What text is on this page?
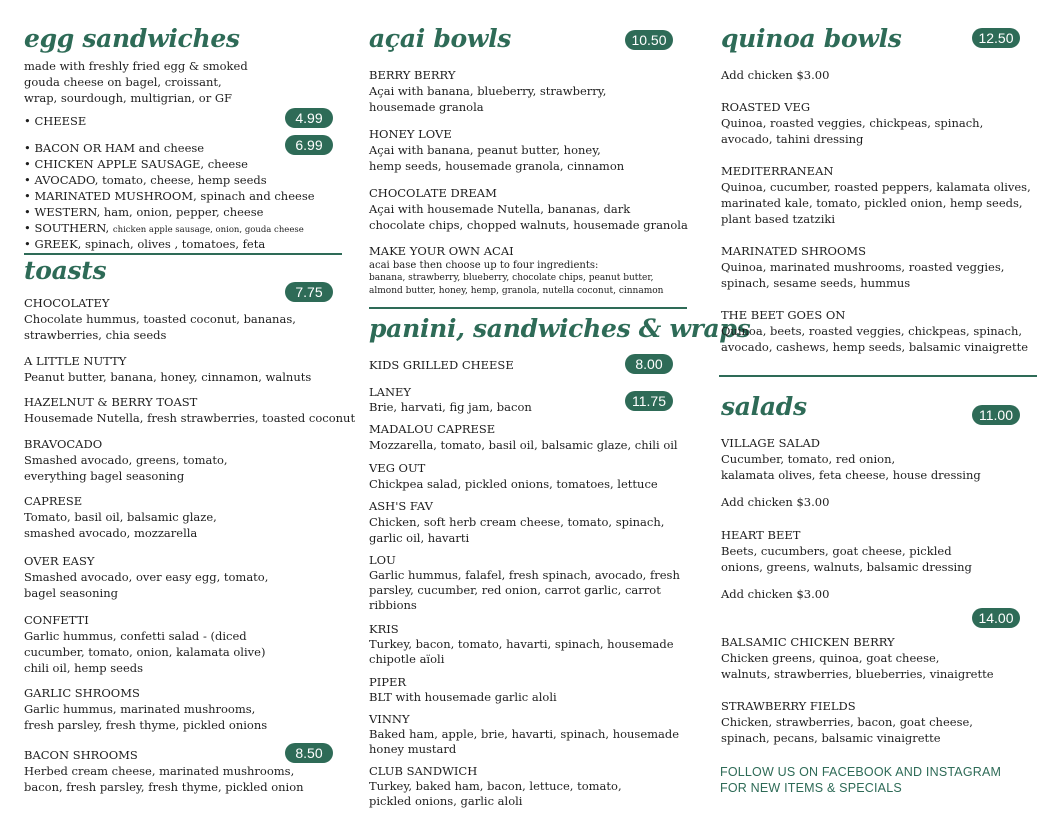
egg sandwiches
made with freshly fried egg & smoked
gouda cheese on bagel, croissant,
wrap, sourdough, multigrian, or GF
• CHEESE	4.99
• BACON OR HAM and cheese	6.99
• CHICKEN APPLE SAUSAGE, cheese
• AVOCADO, tomato, cheese, hemp seeds
• MARINATED MUSHROOM, spinach and cheese
• WESTERN, ham, onion, pepper, cheese
• SOUTHERN, chicken apple sausage, onion, gouda cheese
• GREEK, spinach, olives , tomatoes, feta
toasts
7.75
CHOCOLATEY
Chocolate hummus, toasted coconut, bananas,
strawberries, chia seeds
A LITTLE NUTTY
Peanut butter, banana, honey, cinnamon, walnuts
HAZELNUT & BERRY TOAST
Housemade Nutella, fresh strawberries, toasted coconut
BRAVOCADO
Smashed avocado, greens, tomato,
everything bagel seasoning
CAPRESE
Tomato, basil oil, balsamic glaze,
smashed avocado, mozzarella
OVER EASY
Smashed avocado, over easy egg, tomato,
bagel seasoning
CONFETTI
Garlic hummus, confetti salad - (diced
cucumber, tomato, onion, kalamata olive)
chili oil, hemp seeds
GARLIC SHROOMS
Garlic hummus, marinated mushrooms,
fresh parsley, fresh thyme, pickled onions
BACON SHROOMS	8.50
Herbed cream cheese, marinated mushrooms,
bacon, fresh parsley, fresh thyme, pickled onion
açai bowls	10.50
BERRY BERRY
Açai with banana, blueberry, strawberry,
housemade granola
HONEY LOVE
Açai with banana, peanut butter, honey,
hemp seeds, housemade granola, cinnamon
CHOCOLATE DREAM
Açai with housemade Nutella, bananas, dark
chocolate chips, chopped walnuts, housemade granola
MAKE YOUR OWN ACAI
acai base then choose up to four ingredients:
banana, strawberry, blueberry, chocolate chips, peanut butter,
almond butter, honey, hemp, granola, nutella coconut, cinnamon
panini, sandwiches & wraps
KIDS GRILLED CHEESE	8.00
LANEY
11.75
Brie, harvati, fig jam, bacon
MADALOU CAPRESE
Mozzarella, tomato, basil oil, balsamic glaze, chili oil
VEG OUT
Chickpea salad, pickled onions, tomatoes, lettuce
ASH'S FAV
Chicken, soft herb cream cheese, tomato, spinach,
garlic oil, havarti
LOU
Garlic hummus, falafel, fresh spinach, avocado, fresh
parsley, cucumber, red onion, carrot garlic, carrot
ribbions
KRIS
Turkey, bacon, tomato, havarti, spinach, housemade
chipotle aïoli
PIPER
BLT with housemade garlic aloli
VINNY
Baked ham, apple, brie, havarti, spinach, housemade
honey mustard
CLUB SANDWICH
Turkey, baked ham, bacon, lettuce, tomato,
pickled onions, garlic aloli
quinoa bowls	12.50
Add chicken $3.00
ROASTED VEG
Quinoa, roasted veggies, chickpeas, spinach,
avocado, tahini dressing
MEDITERRANEAN
Quinoa, cucumber, roasted peppers, kalamata olives,
marinated kale, tomato, pickled onion, hemp seeds,
plant based tzatziki
MARINATED SHROOMS
Quinoa, marinated mushrooms, roasted veggies,
spinach, sesame seeds, hummus
THE BEET GOES ON
Quinoa, beets, roasted veggies, chickpeas, spinach,
avocado, cashews, hemp seeds, balsamic vinaigrette
salads	11.00
VILLAGE SALAD
Cucumber, tomato, red onion,
kalamata olives, feta cheese, house dressing
Add chicken $3.00
HEART BEET
Beets, cucumbers, goat cheese, pickled
onions, greens, walnuts, balsamic dressing
Add chicken $3.00
14.00
BALSAMIC CHICKEN BERRY
Chicken greens, quinoa, goat cheese,
walnuts, strawberries, blueberries, vinaigrette
STRAWBERRY FIELDS
Chicken, strawberries, bacon, goat cheese,
spinach, pecans, balsamic vinaigrette
FOLLOW US ON FACEBOOK AND INSTAGRAM
FOR NEW ITEMS & SPECIALS
